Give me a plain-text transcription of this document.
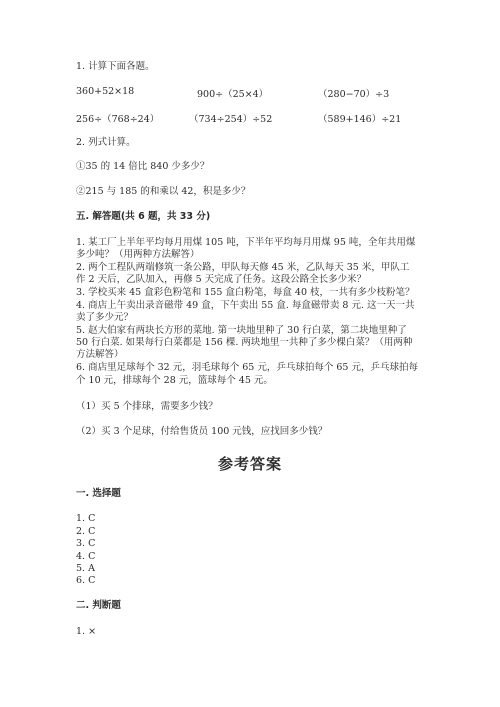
1. 计算下面各题。
360+52×18	900÷（25×4）	（280−70）÷3
256÷（768÷24）	（734÷254）÷52	（589+146）÷21
2. 列式计算。
①35 的 14 倍比 840 少多少？
②215 与 185 的和乘以 42，积是多少？
五. 解答题(共 6 题，共 33 分)
1. 某工厂上半年平均每月用煤 105 吨，下半年平均每月用煤 95 吨，全年共用煤
多少吨？（用两种方法解答）
2. 两个工程队两端修筑一条公路，甲队每天修 45 米，乙队每天 35 米，甲队工
作 2 天后，乙队加入，再修 5 天完成了任务。这段公路全长多少米？
3. 学校买来 45 盒彩色粉笔和 155 盒白粉笔，每盒 40 枝，一共有多少枝粉笔？
4. 商店上午卖出录音磁带 49 盒，下午卖出 55 盒. 每盒磁带卖 8 元. 这一天一共
卖了多少元？
5. 赵大伯家有两块长方形的菜地. 第一块地里种了 30 行白菜，第二块地里种了
50 行白菜. 如果每行白菜都是 156 棵. 两块地里一共种了多少棵白菜？（用两种
方法解答）
6. 商店里足球每个 32 元，羽毛球每个 65 元，乒乓球拍每个 65 元，乒乓球拍每
个 10 元，排球每个 28 元，篮球每个 45 元。
（1）买 5 个排球，需要多少钱？
（2）买 3 个足球，付给售货员 100 元钱，应找回多少钱？
参考答案
一. 选择题
1. C
2. C
3. C
4. C
5. A
6. C
二. 判断题
1. ×
